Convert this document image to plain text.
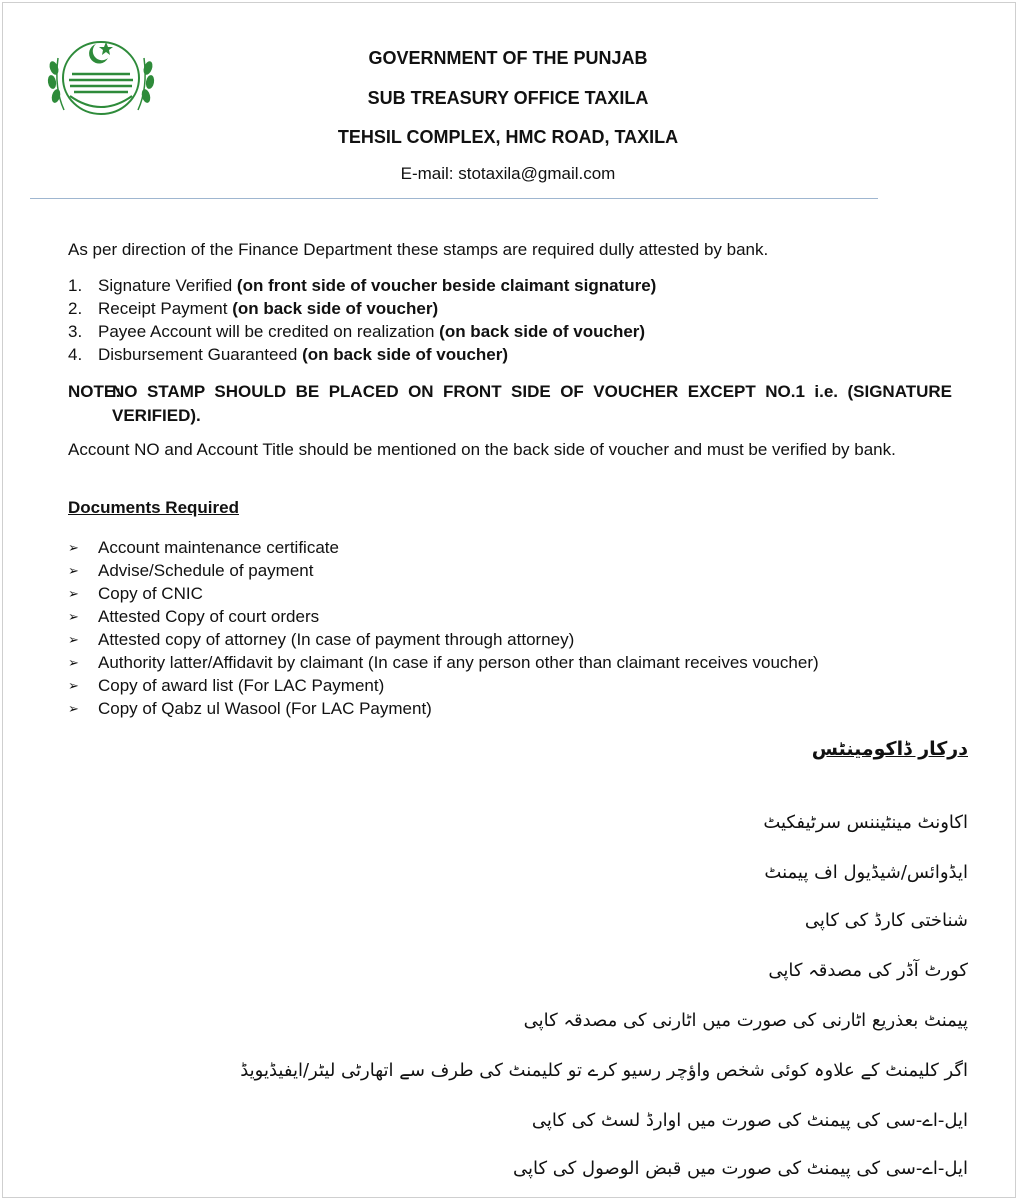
GOVERNMENT OF THE PUNJAB
SUB TREASURY OFFICE TAXILA
TEHSIL COMPLEX, HMC ROAD, TAXILA
E-mail: stotaxila@gmail.com
As per direction of the Finance Department these stamps are required dully attested by bank.
1. Signature Verified (on front side of voucher beside claimant signature)
2. Receipt Payment (on back side of voucher)
3. Payee Account will be credited on realization (on back side of voucher)
4. Disbursement Guaranteed (on back side of voucher)
NOTE:
NO STAMP SHOULD BE PLACED ON FRONT SIDE OF VOUCHER EXCEPT NO.1 i.e. (SIGNATURE VERIFIED).
Account NO and Account Title should be mentioned on the back side of voucher and must be verified by bank.
Documents Required
➢ Account maintenance certificate
➢ Advise/Schedule of payment
➢ Copy of CNIC
➢ Attested Copy of court orders
➢ Attested copy of attorney (In case of payment through attorney)
➢ Authority latter/Affidavit by claimant (In case if any person other than claimant receives voucher)
➢ Copy of award list (For LAC Payment)
➢ Copy of Qabz ul Wasool (For LAC Payment)
درکار ڈاکومینٹس
اکاونٹ مینٹیننس سرٹیفکیٹ
ایڈوائس/شیڈیول اف پیمنٹ
شناختی کارڈ کی کاپی
کورٹ آڈر کی مصدقہ کاپی
پیمنٹ بعذریع اٹارنی کی صورت میں اٹارنی کی مصدقہ کاپی
اگر کلیمنٹ کے علاوہ کوئی شخص واؤچر رسیو کرے تو کلیمنٹ کی طرف سے اتھارٹی لیٹر/ایفیڈیویڈ
ایل-اے-سی کی پیمنٹ کی صورت میں اوارڈ لسٹ کی کاپی
ایل-اے-سی کی پیمنٹ کی صورت میں قبض الوصول کی کاپی
